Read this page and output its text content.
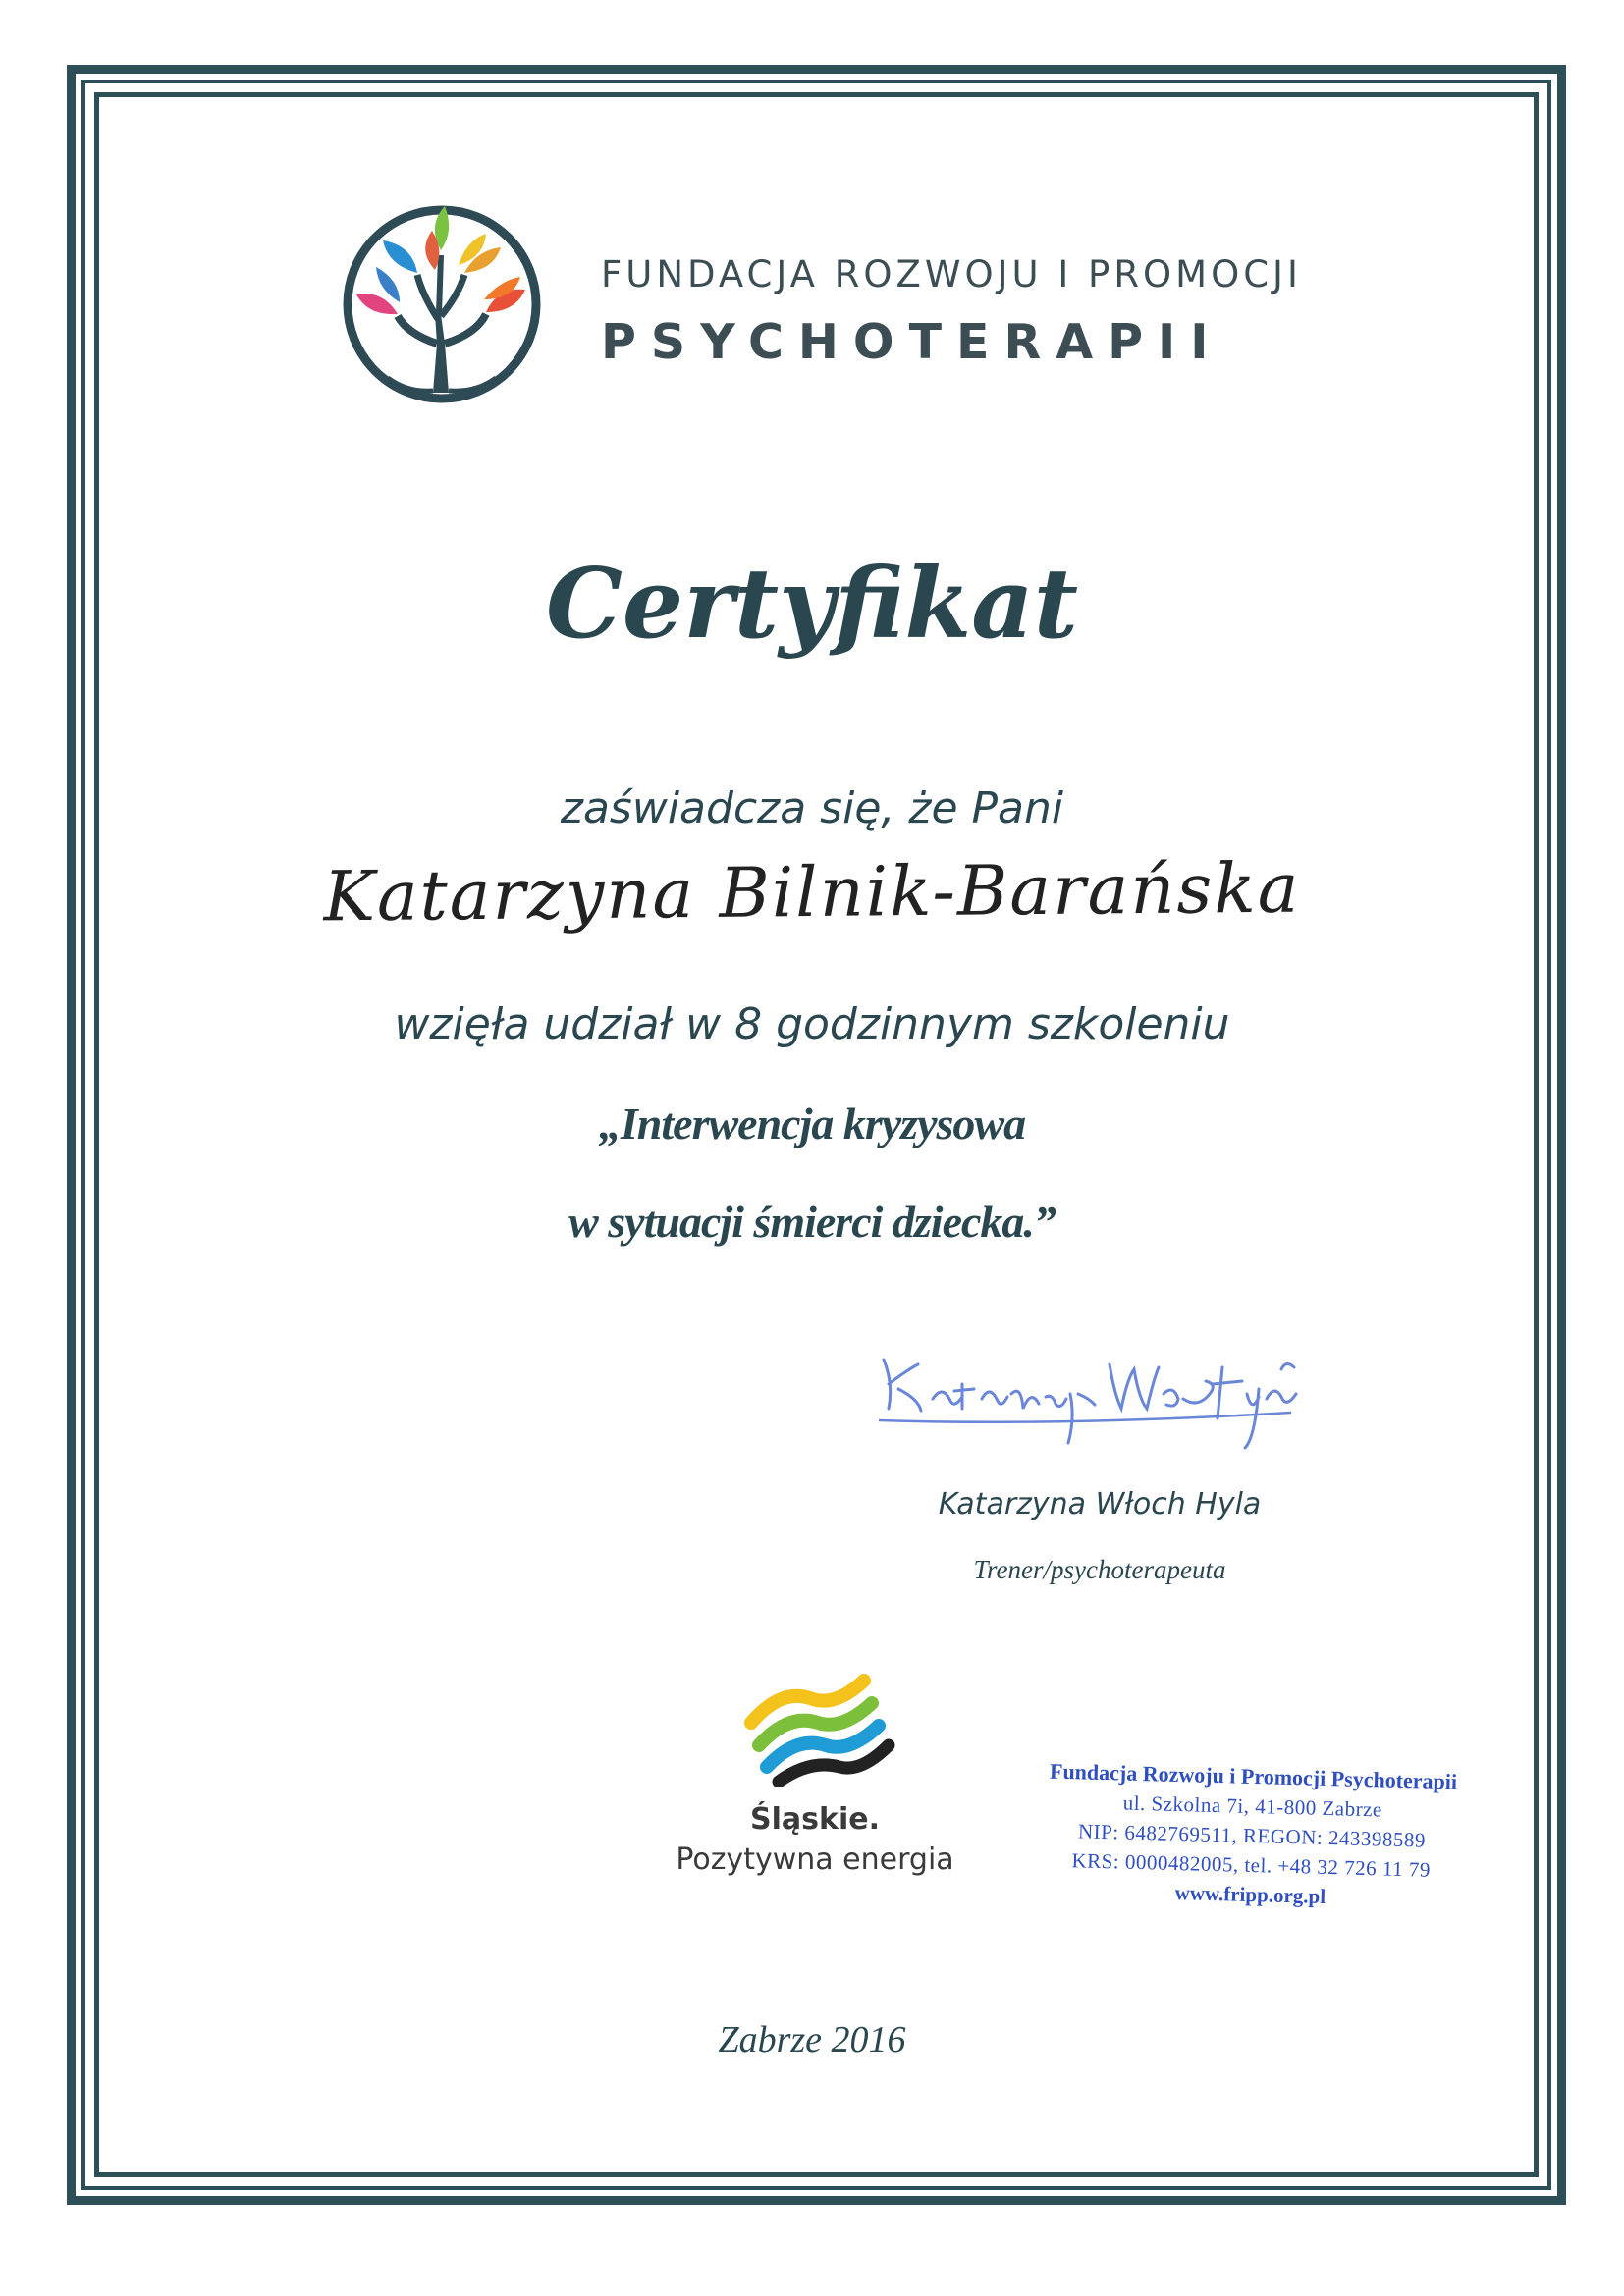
FUNDACJA ROZWOJU I PROMOCJI
PSYCHOTERAPII
Certyfikat
zaświadcza się, że Pani
Katarzyna Bilnik-Barańska
wzięła udział w 8 godzinnym szkoleniu
„Interwencja kryzysowa
w sytuacji śmierci dziecka.”
Katarzyna Włoch Hyla
Trener/psychoterapeuta
Śląskie.
Pozytywna energia
Fundacja Rozwoju i Promocji Psychoterapii
ul. Szkolna 7i, 41-800 Zabrze
NIP: 6482769511, REGON: 243398589
KRS: 0000482005, tel. +48 32 726 11 79
www.fripp.org.pl
Zabrze 2016
